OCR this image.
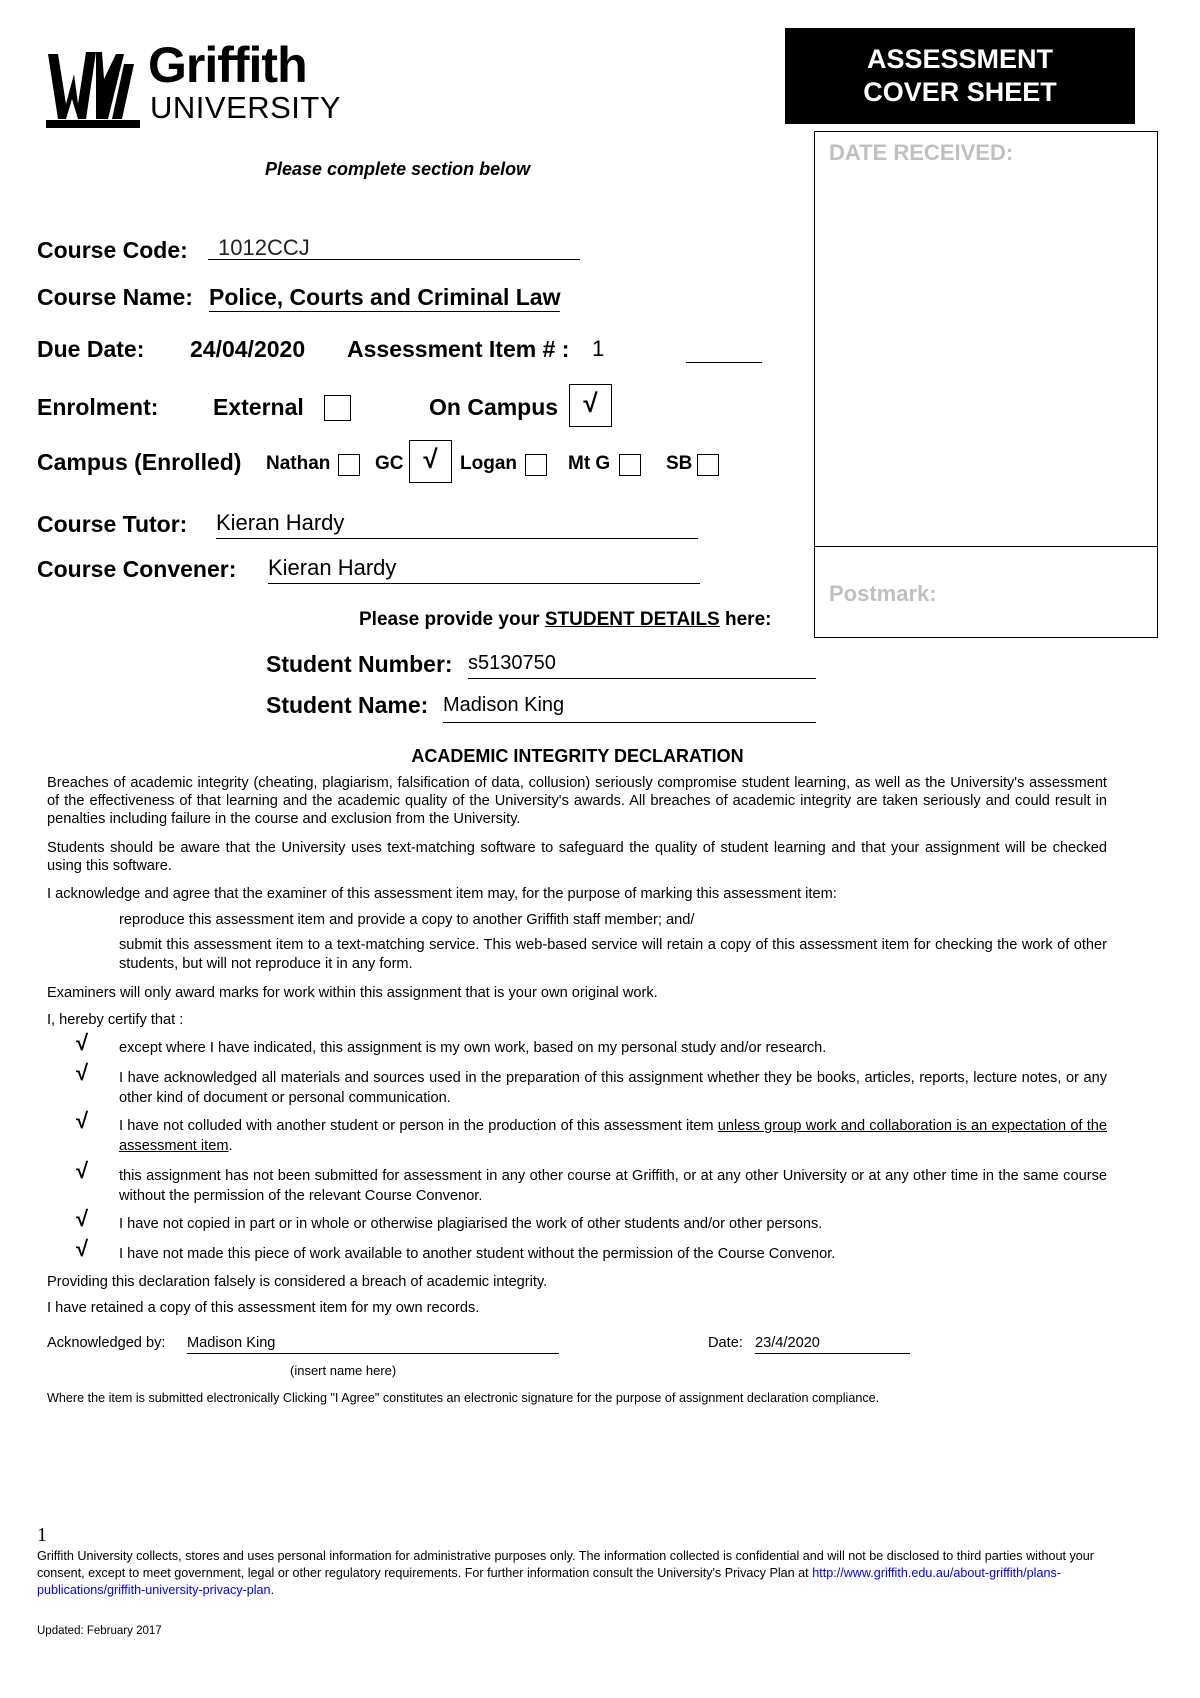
Griffith
UNIVERSITY
ASSESSMENT COVER SHEET
DATE RECEIVED:
Postmark:
Please complete section below
Course Code:	1012CCJ
Course Name: Police, Courts and Criminal Law
Due Date: 24/04/2020 Assessment Item # : 1
Enrolment: External	On Campus √
Campus (Enrolled) Nathan GC √	Logan	Mt G	SB
Course Tutor: Kieran Hardy
Course Convener: Kieran Hardy
Please provide your STUDENT DETAILS here:
Student Number: s5130750
Student Name: Madison King
ACADEMIC INTEGRITY DECLARATION
Breaches of academic integrity (cheating, plagiarism, falsification of data, collusion) seriously compromise student learning, as well as the University's assessment of the effectiveness of that learning and the academic quality of the University's awards. All breaches of academic integrity are taken seriously and could result in penalties including failure in the course and exclusion from the University.
Students should be aware that the University uses text-matching software to safeguard the quality of student learning and that your assignment will be checked using this software.
I acknowledge and agree that the examiner of this assessment item may, for the purpose of marking this assessment item:
reproduce this assessment item and provide a copy to another Griffith staff member; and/
submit this assessment item to a text-matching service. This web-based service will retain a copy of this assessment item for checking the work of other students, but will not reproduce it in any form.
Examiners will only award marks for work within this assignment that is your own original work.
I, hereby certify that :
√ except where I have indicated, this assignment is my own work, based on my personal study and/or research.
√ I have acknowledged all materials and sources used in the preparation of this assignment whether they be books, articles, reports, lecture notes, or any other kind of document or personal communication.
√ I have not colluded with another student or person in the production of this assessment item unless group work and collaboration is an expectation of the assessment item.
√ this assignment has not been submitted for assessment in any other course at Griffith, or at any other University or at any other time in the same course without the permission of the relevant Course Convenor.
√ I have not copied in part or in whole or otherwise plagiarised the work of other students and/or other persons.
√ I have not made this piece of work available to another student without the permission of the Course Convenor.
Providing this declaration falsely is considered a breach of academic integrity.
I have retained a copy of this assessment item for my own records.
Acknowledged by: Madison King	Date: 23/4/2020
(insert name here)
Where the item is submitted electronically Clicking "I Agree" constitutes an electronic signature for the purpose of assignment declaration compliance.
1
Griffith University collects, stores and uses personal information for administrative purposes only. The information collected is confidential and will not be disclosed to third parties without your consent, except to meet government, legal or other regulatory requirements. For further information consult the University's Privacy Plan at http://www.griffith.edu.au/about-griffith/plans-publications/griffith-university-privacy-plan.
Updated: February 2017
